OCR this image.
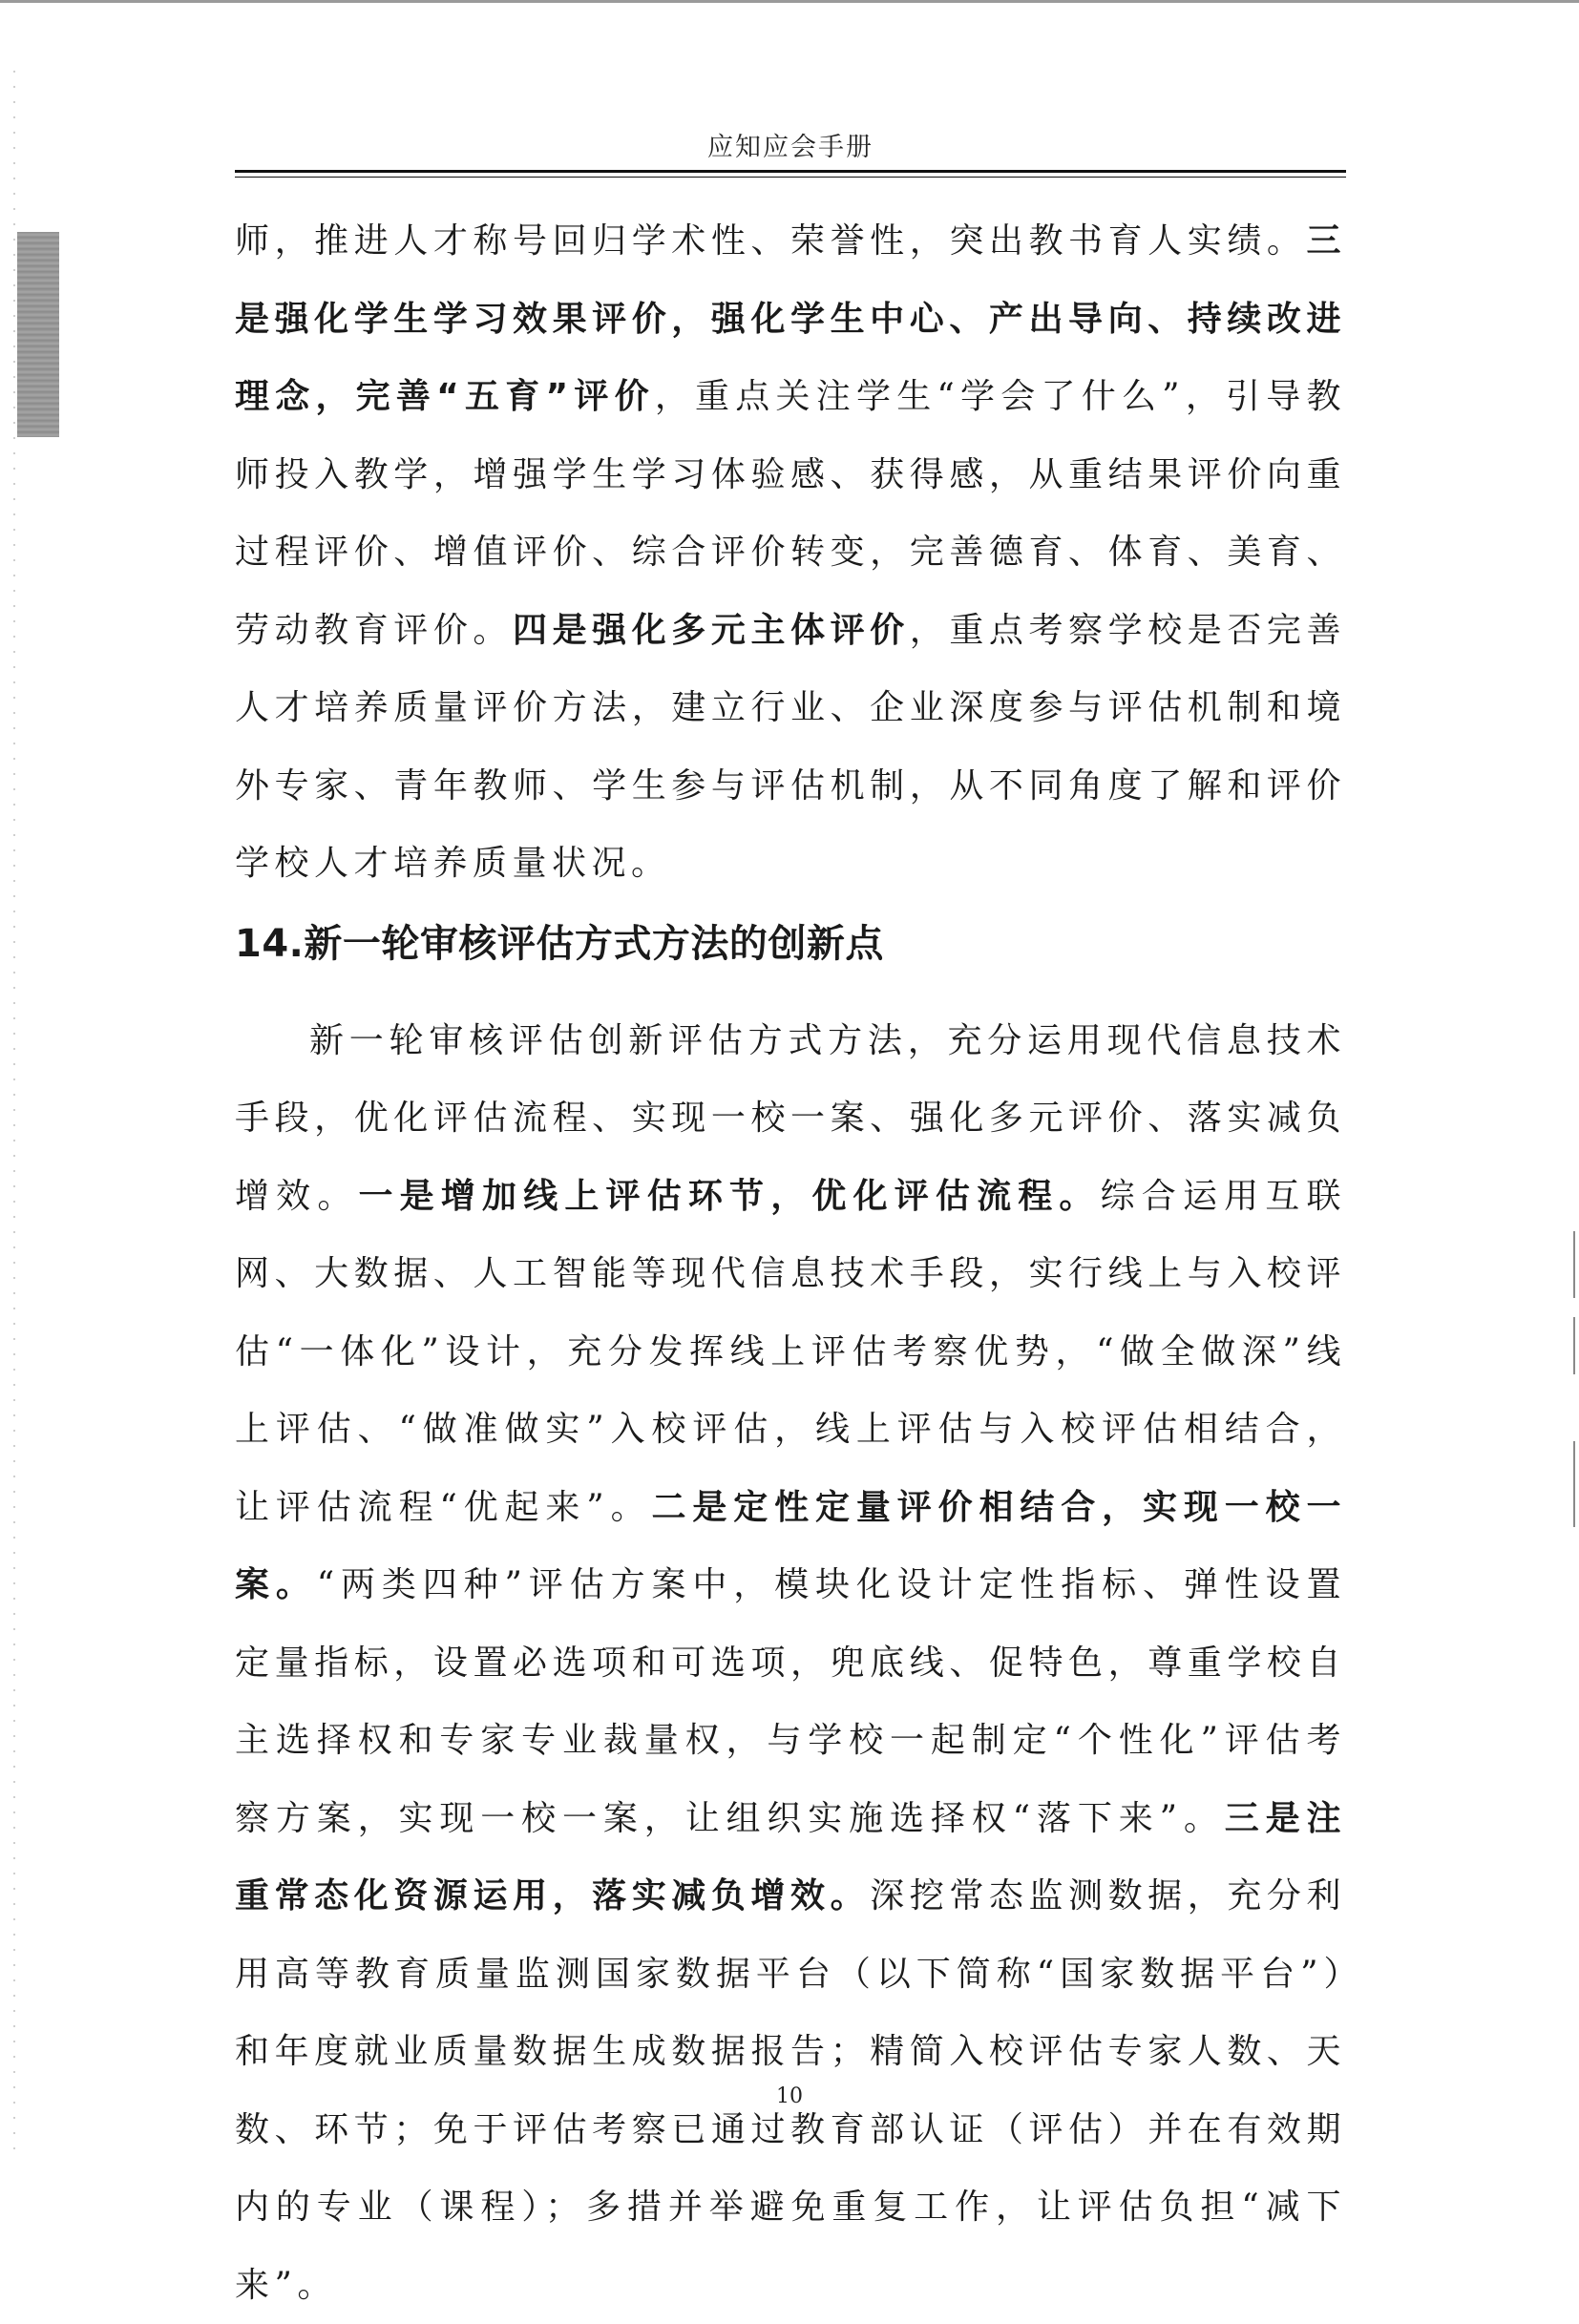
应知应会手册

师，推进人才称号回归学术性、荣誉性，突出教书育人实绩。三是强化学生学习效果评价，强化学生中心、产出导向、持续改进理念，完善“五育”评价，重点关注学生“学会了什么”，引导教师投入教学，增强学生学习体验感、获得感，从重结果评价向重过程评价、增值评价、综合评价转变，完善德育、体育、美育、劳动教育评价。四是强化多元主体评价，重点考察学校是否完善人才培养质量评价方法，建立行业、企业深度参与评估机制和境外专家、青年教师、学生参与评估机制，从不同角度了解和评价学校人才培养质量状况。

14.新一轮审核评估方式方法的创新点

新一轮审核评估创新评估方式方法，充分运用现代信息技术手段，优化评估流程、实现一校一案、强化多元评价、落实减负增效。一是增加线上评估环节，优化评估流程。综合运用互联网、大数据、人工智能等现代信息技术手段，实行线上与入校评估“一体化”设计，充分发挥线上评估考察优势，“做全做深”线上评估、“做准做实”入校评估，线上评估与入校评估相结合，让评估流程“优起来”。二是定性定量评价相结合，实现一校一案。“两类四种”评估方案中，模块化设计定性指标、弹性设置定量指标，设置必选项和可选项，兜底线、促特色，尊重学校自主选择权和专家专业裁量权，与学校一起制定“个性化”评估考察方案，实现一校一案，让组织实施选择权“落下来”。三是注重常态化资源运用，落实减负增效。深挖常态监测数据，充分利用高等教育质量监测国家数据平台（以下简称“国家数据平台”）和年度就业质量数据生成数据报告；精简入校评估专家人数、天数、环节；免于评估考察已通过教育部认证（评估）并在有效期内的专业（课程）；多措并举避免重复工作，让评估负担“减下来”。

10
